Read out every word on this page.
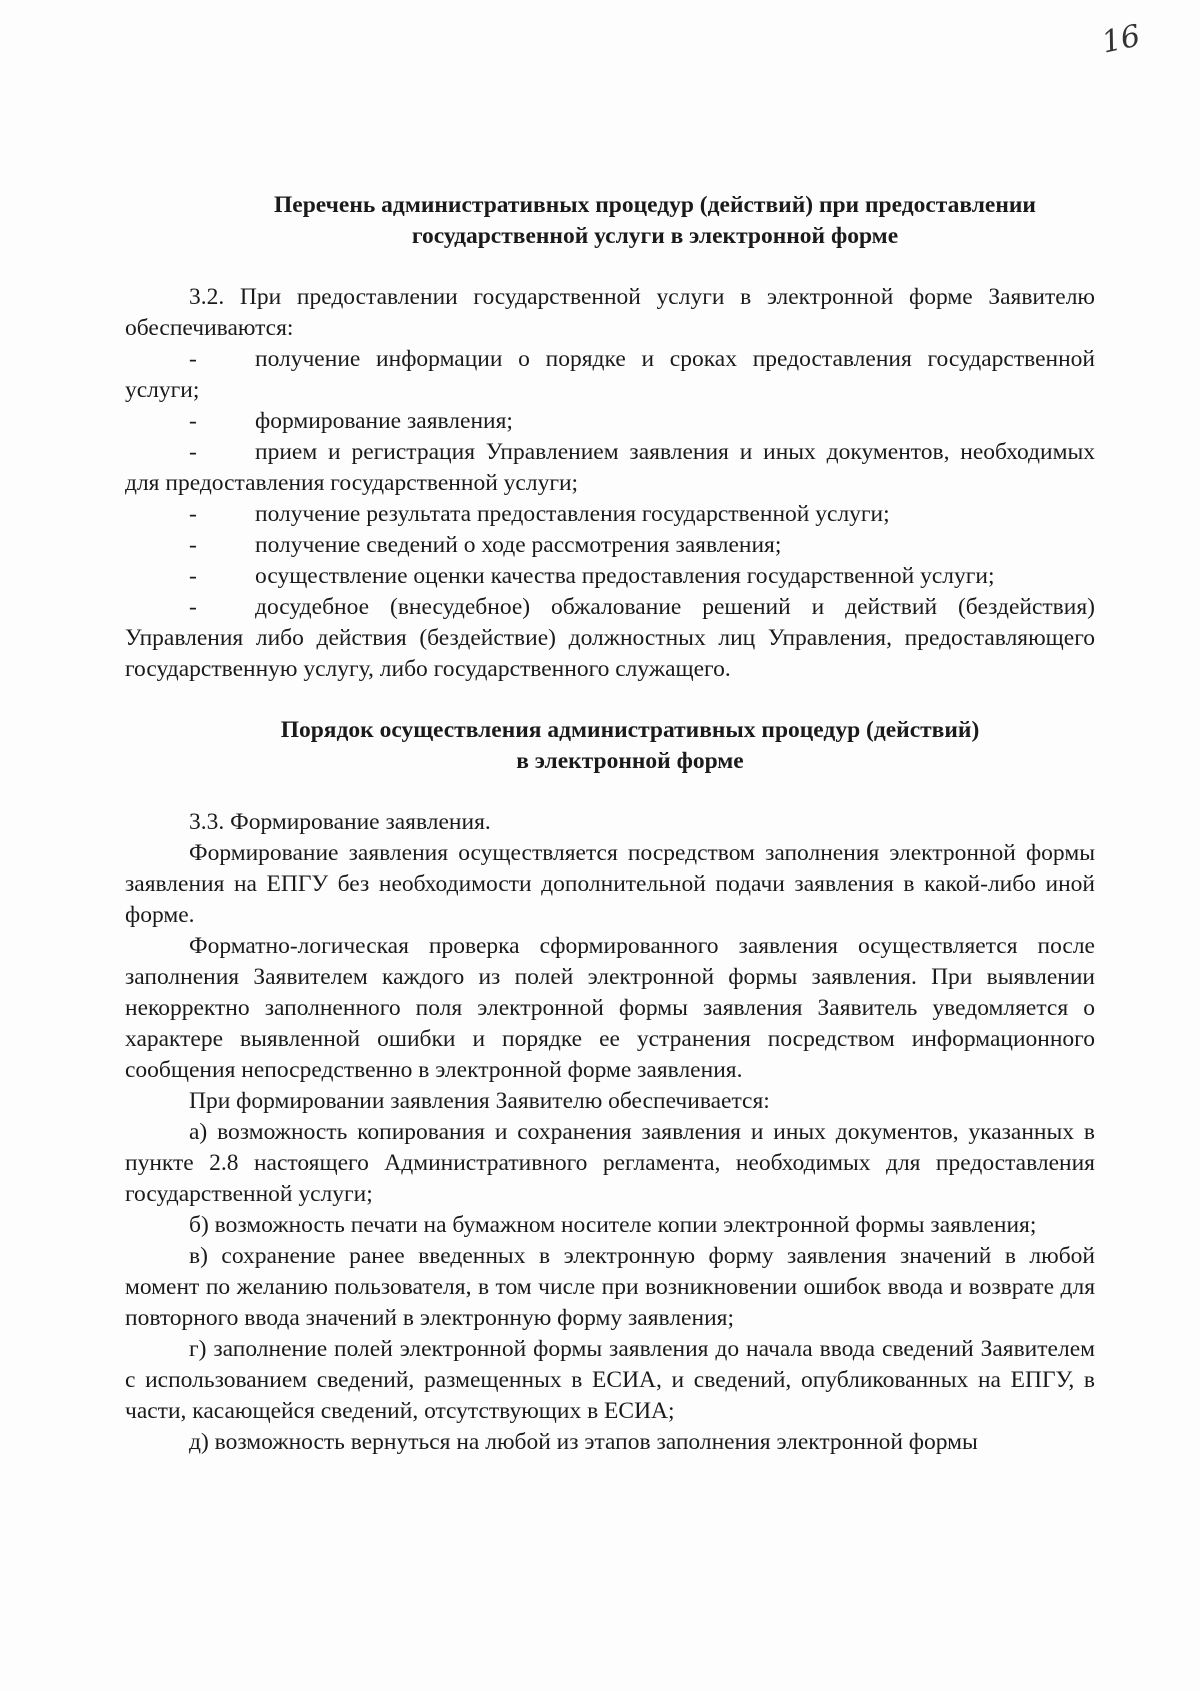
16
Перечень административных процедур (действий) при предоставлении
государственной услуги в электронной форме

3.2. При предоставлении государственной услуги в электронной форме Заявителю обеспечиваются:

- получение информации о порядке и сроках предоставления государственной услуги;

- формирование заявления;

- прием и регистрация Управлением заявления и иных документов, необходимых для предоставления государственной услуги;

- получение результата предоставления государственной услуги;

- получение сведений о ходе рассмотрения заявления;

- осуществление оценки качества предоставления государственной услуги;

- досудебное (внесудебное) обжалование решений и действий (бездействия) Управления либо действия (бездействие) должностных лиц Управления, предоставляющего государственную услугу, либо государственного служащего.

Порядок осуществления административных процедур (действий)
в электронной форме

3.3. Формирование заявления.

Формирование заявления осуществляется посредством заполнения электронной формы заявления на ЕПГУ без необходимости дополнительной подачи заявления в какой-либо иной форме.

Форматно-логическая проверка сформированного заявления осуществляется после заполнения Заявителем каждого из полей электронной формы заявления. При выявлении некорректно заполненного поля электронной формы заявления Заявитель уведомляется о характере выявленной ошибки и порядке ее устранения посредством информационного сообщения непосредственно в электронной форме заявления.

При формировании заявления Заявителю обеспечивается:

а) возможность копирования и сохранения заявления и иных документов, указанных в пункте 2.8 настоящего Административного регламента, необходимых для предоставления государственной услуги;

б) возможность печати на бумажном носителе копии электронной формы заявления;

в) сохранение ранее введенных в электронную форму заявления значений в любой момент по желанию пользователя, в том числе при возникновении ошибок ввода и возврате для повторного ввода значений в электронную форму заявления;

г) заполнение полей электронной формы заявления до начала ввода сведений Заявителем с использованием сведений, размещенных в ЕСИА, и сведений, опубликованных на ЕПГУ, в части, касающейся сведений, отсутствующих в ЕСИА;

д) возможность вернуться на любой из этапов заполнения электронной формы
